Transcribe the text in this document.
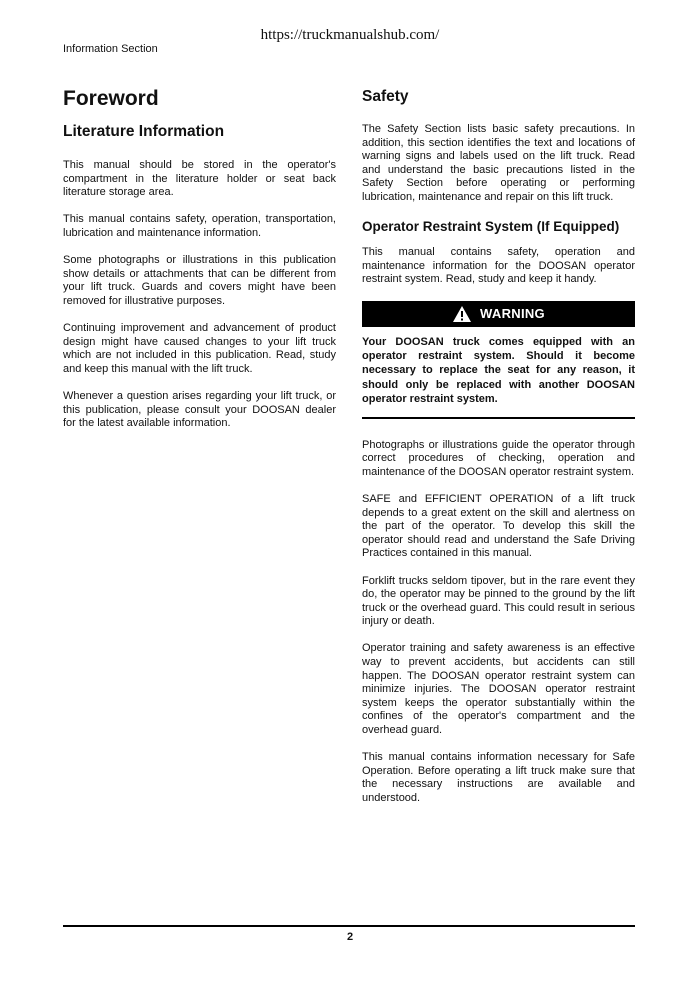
https://truckmanualshub.com/
Information Section
Foreword
Literature Information

This manual should be stored in the operator's compartment in the literature holder or seat back literature storage area.

This manual contains safety, operation, transportation, lubrication and maintenance information.

Some photographs or illustrations in this publication show details or attachments that can be different from your lift truck. Guards and covers might have been removed for illustrative purposes.

Continuing improvement and advancement of product design might have caused changes to your lift truck which are not included in this publication. Read, study and keep this manual with the lift truck.

Whenever a question arises regarding your lift truck, or this publication, please consult your DOOSAN dealer for the latest available information.

Safety

The Safety Section lists basic safety precautions. In addition, this section identifies the text and locations of warning signs and labels used on the lift truck. Read and understand the basic precautions listed in the Safety Section before operating or performing lubrication, maintenance and repair on this lift truck.

Operator Restraint System (If Equipped)

This manual contains safety, operation and maintenance information for the DOOSAN operator restraint system. Read, study and keep it handy.

WARNING

Your DOOSAN truck comes equipped with an operator restraint system. Should it become necessary to replace the seat for any reason, it should only be replaced with another DOOSAN operator restraint system.

Photographs or illustrations guide the operator through correct procedures of checking, operation and maintenance of the DOOSAN operator restraint system.

SAFE and EFFICIENT OPERATION of a lift truck depends to a great extent on the skill and alertness on the part of the operator. To develop this skill the operator should read and understand the Safe Driving Practices contained in this manual.

Forklift trucks seldom tipover, but in the rare event they do, the operator may be pinned to the ground by the lift truck or the overhead guard. This could result in serious injury or death.

Operator training and safety awareness is an effective way to prevent accidents, but accidents can still happen. The DOOSAN operator restraint system can minimize injuries. The DOOSAN operator restraint system keeps the operator substantially within the confines of the operator's compartment and the overhead guard.

This manual contains information necessary for Safe Operation. Before operating a lift truck make sure that the necessary instructions are available and understood.

2
